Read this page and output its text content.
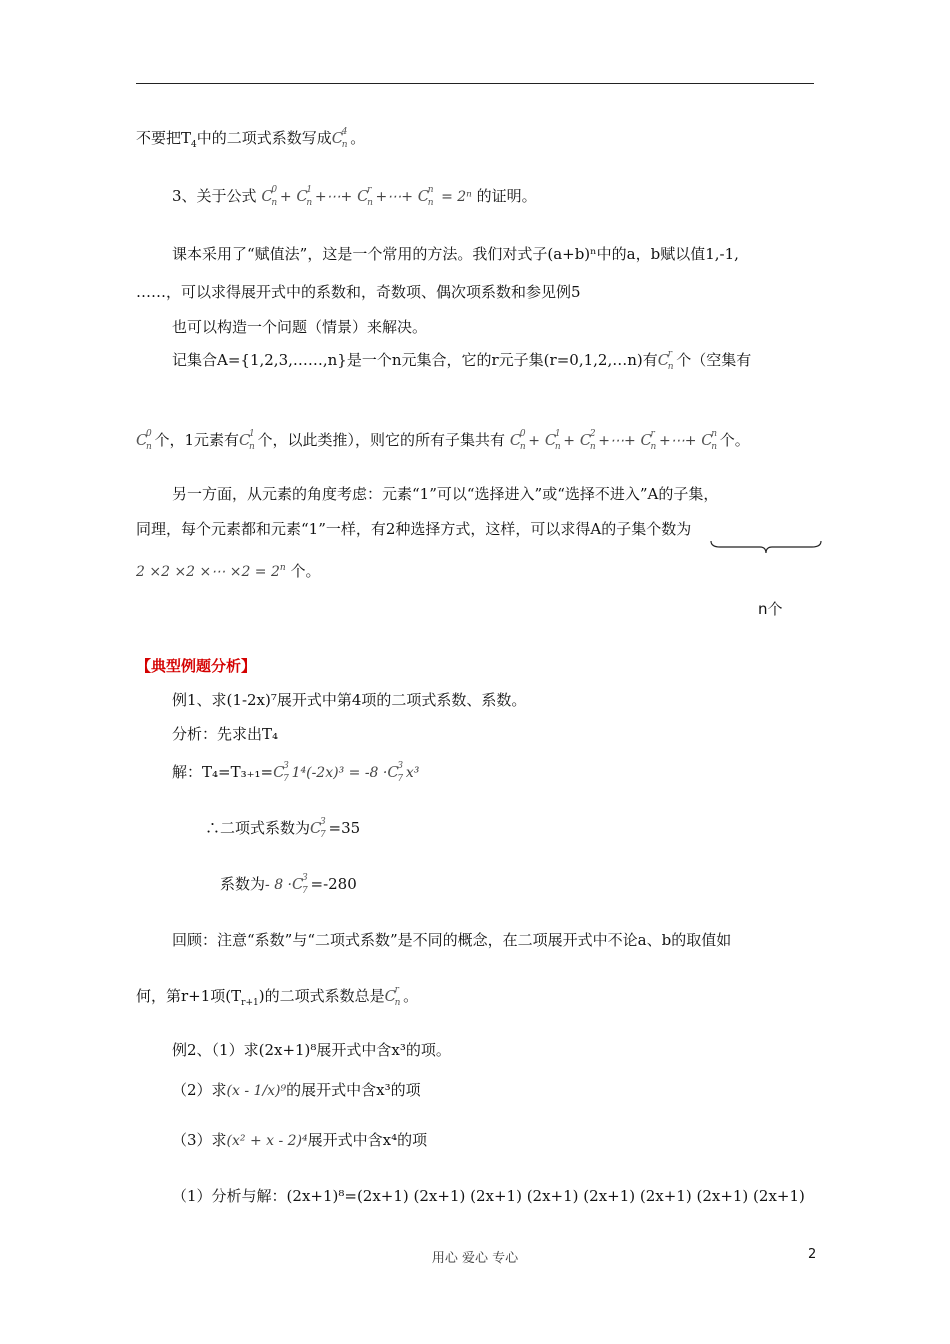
不要把$T_4$中的二项式系数写成C
4
n 。
3、关于公式 C
0
n + C
1
n +⋯+ C
r
n +⋯+ C
n
n = 2ⁿ 的证明。
课本采用了“赋值法”，这是一个常用的方法。我们对式子(a+b)ⁿ中的a，b赋以值1,-1,
……，可以求得展开式中的系数和，奇数项、偶次项系数和参见例5
也可以构造一个问题（情景）来解决。
记集合A={1,2,3,……,n}是一个n元集合，它的r元子集(r=0,1,2,…n)有C
r
n 个（空集有
C
0
n 个，1元素有C
1
n 个，以此类推），则它的所有子集共有 C
0
n + C
1
n + C
2
n +⋯+ C
r
n +⋯+ C
n
n 个。
另一方面，从元素的角度考虑：元素“1”可以“选择进入”或“选择不进入”A的子集，
同理，每个元素都和元素“1”一样，有2种选择方式，这样，可以求得A的子集个数为
2 ×2 ×2 ×⋯ $\times 2 = 2^n$ 个。
n个
【典型例题分析】
例1、求(1-2x)⁷展开式中第4项的二项式系数、系数。
分析：先求出T₄
解：T₄=T₃₊₁=C
3
7 1⁴(-2x)³ = -8 ·C
3
7 x³
∴二项式系数为C
3
7 =35
系数为- 8 ·C
3
7 =-280
回顾：注意“系数”与“二项式系数”是不同的概念，在二项展开式中不论a、b的取值如
何，第r+1项$(T_{r+1})$的二项式系数总是C
r
n 。
例2、（1）求(2x+1)⁸展开式中含x³的项。
（2）求(x - 1/x)⁹的展开式中含x³的项
（3）求(x² + x - 2)⁴展开式中含x⁴的项
（1）分析与解：(2x+1)⁸=(2x+1) (2x+1) (2x+1) (2x+1) (2x+1) (2x+1) (2x+1) (2x+1)
用心 爱心 专心	2
